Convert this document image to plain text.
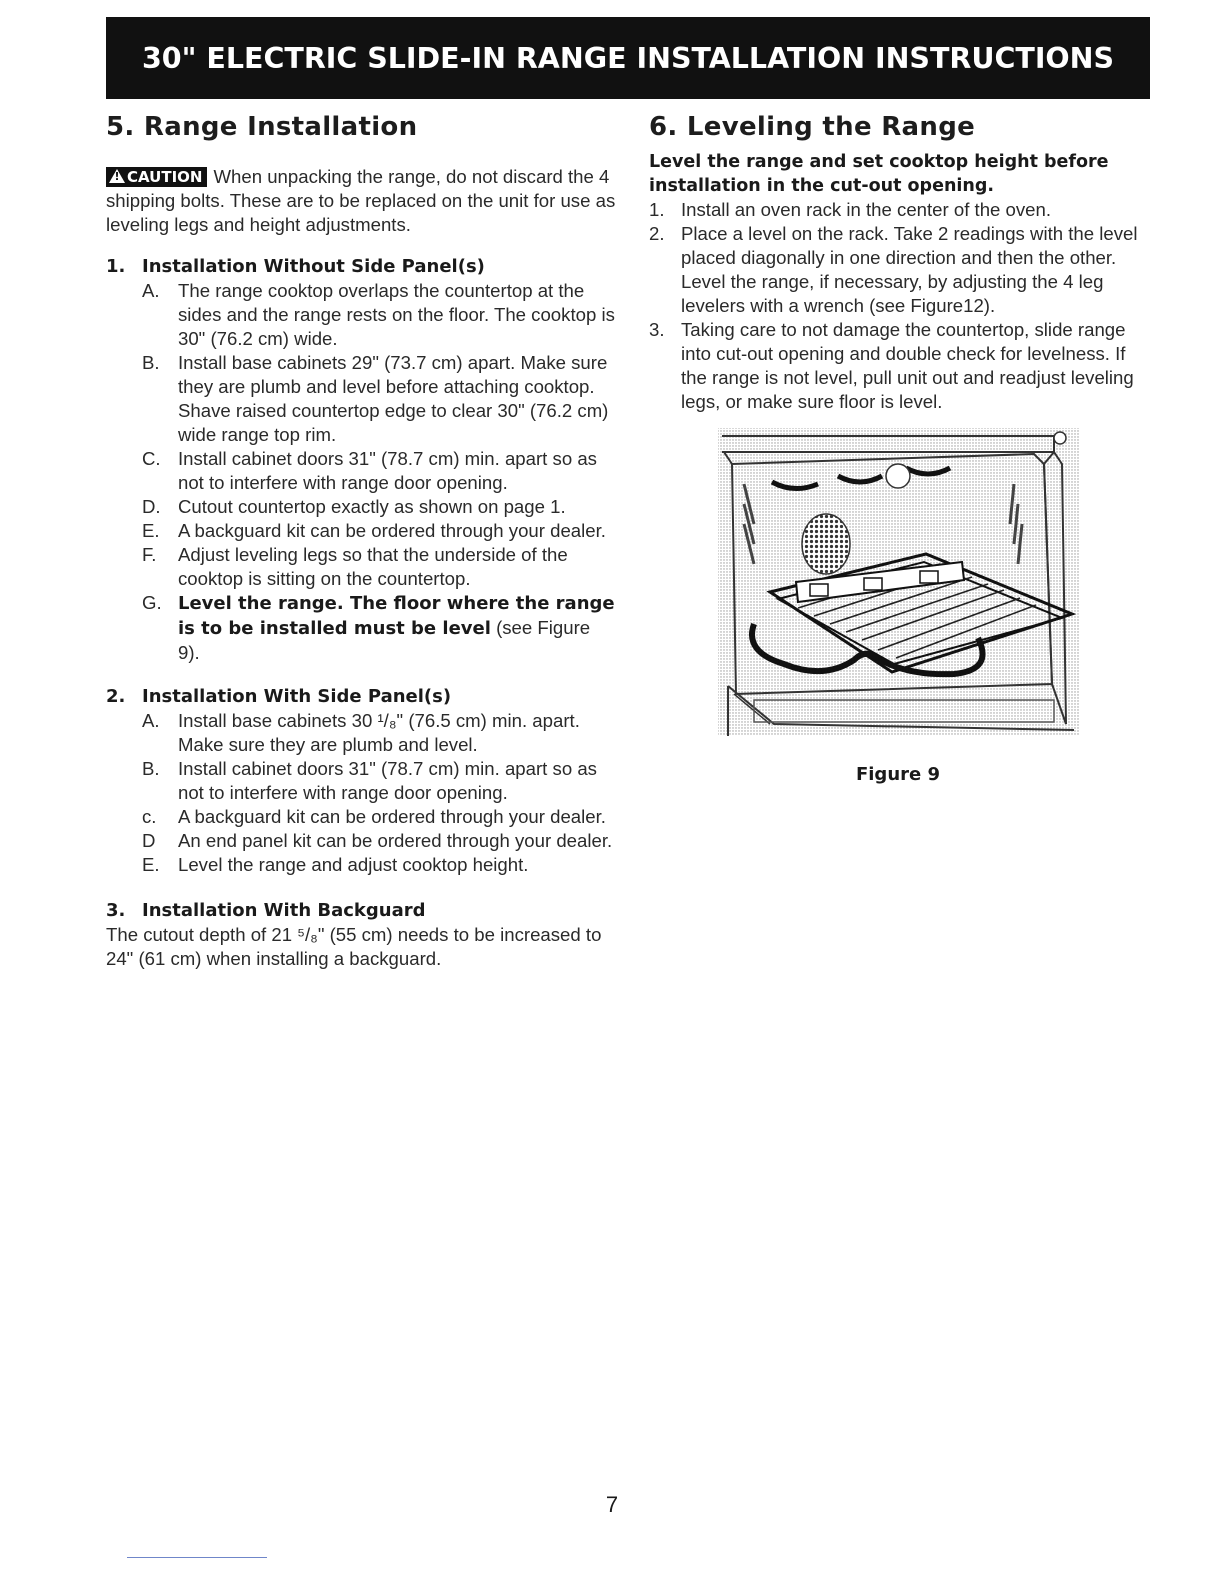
30" ELECTRIC SLIDE-IN RANGE INSTALLATION INSTRUCTIONS
5. Range Installation
! CAUTION When unpacking the range, do not discard the 4 shipping bolts. These are to be replaced on the unit for use as leveling legs and height adjustments.
1. Installation Without Side Panel(s)
A. The range cooktop overlaps the countertop at the sides and the range rests on the floor. The cooktop is 30" (76.2 cm) wide.
B. Install base cabinets 29" (73.7 cm) apart. Make sure they are plumb and level before attaching cooktop. Shave raised countertop edge to clear 30" (76.2 cm) wide range top rim.
C. Install cabinet doors 31" (78.7 cm) min. apart so as not to interfere with range door opening.
D. Cutout countertop exactly as shown on page 1.
E. A backguard kit can be ordered through your dealer.
F.	Adjust leveling legs so that the underside of the cooktop is sitting on the countertop.
G. Level the range. The floor where the range is to be installed must be level (see Figure 9).
2. Installation With Side Panel(s)
A. Install base cabinets 30 ¹/₈" (76.5 cm) min. apart. Make sure they are plumb and level.
B. Install cabinet doors 31" (78.7 cm) min. apart so as not to interfere with range door opening.
c.	A backguard kit can be ordered through your dealer.
D	An end panel kit can be ordered through your dealer.
E. Level the range and adjust cooktop height.
3. Installation With Backguard
The cutout depth of 21 ⁵/₈" (55 cm) needs to be increased to 24" (61 cm) when installing a backguard.
6. Leveling the Range
Level the range and set cooktop height before installation in the cut-out opening.
1. Install an oven rack in the center of the oven.
2. Place a level on the rack. Take 2 readings with the level placed diagonally in one direction and then the other. Level the range, if necessary, by adjusting the 4 leg levelers with a wrench (see Figure12).
3. Taking care to not damage the countertop, slide range into cut-out opening and double check for levelness. If the range is not level, pull unit out and readjust leveling legs, or make sure floor is level.
Figure 9
7
